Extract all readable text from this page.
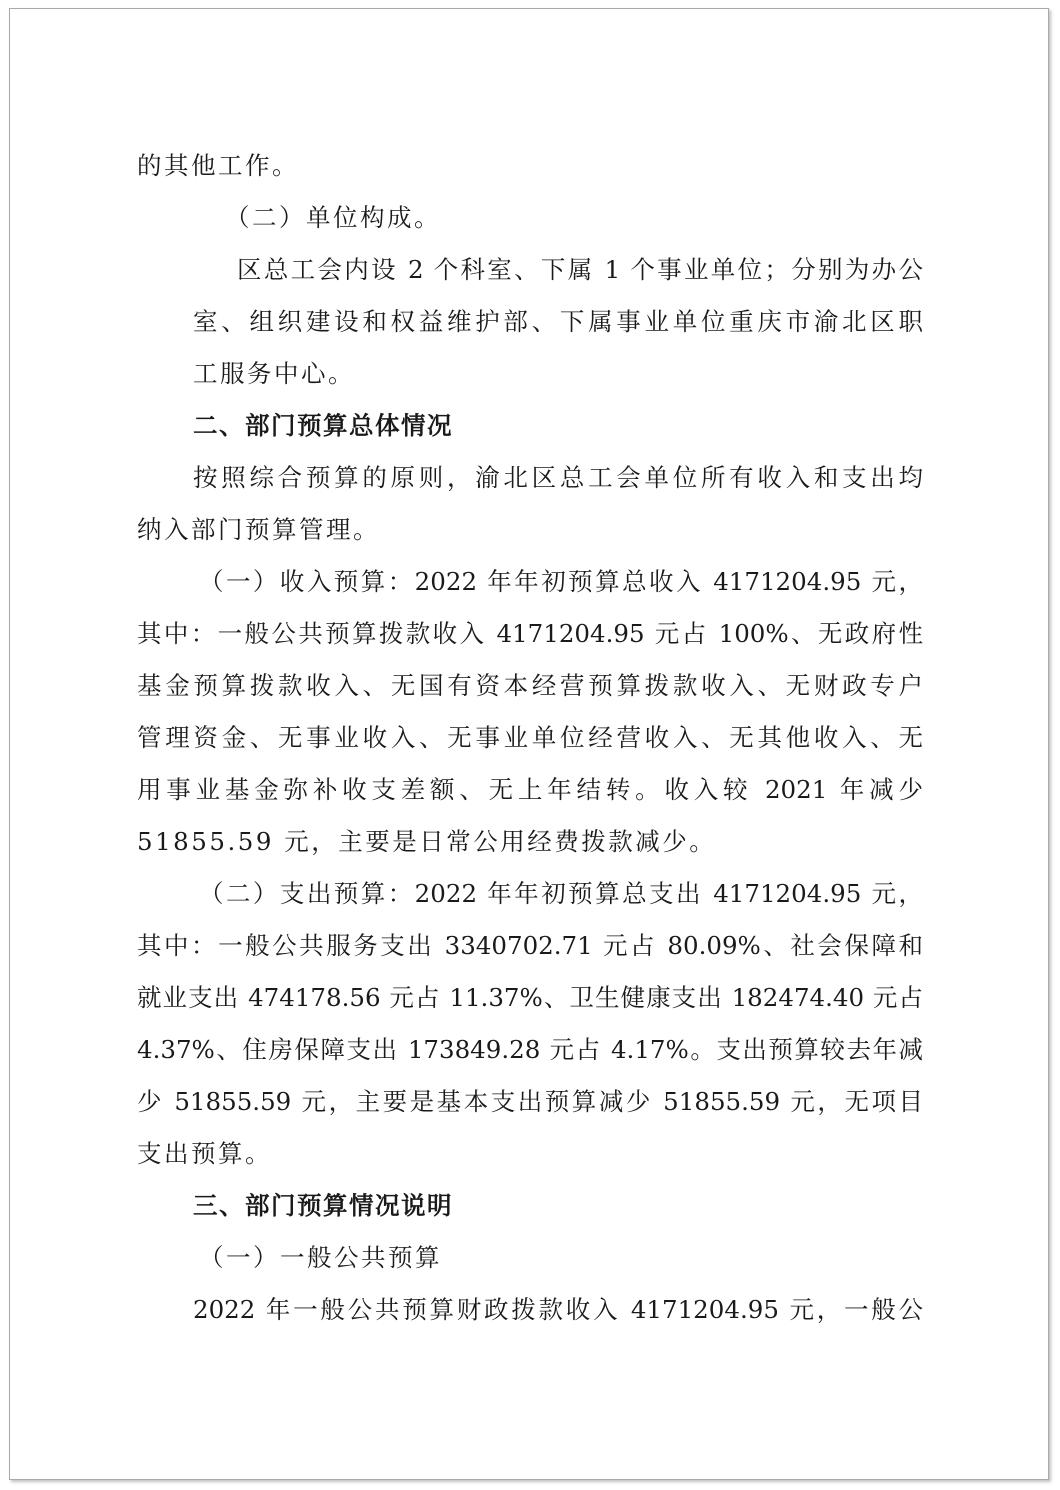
的其他工作。
（二）单位构成。
区总工会内设 2 个科室、下属 1 个事业单位；分别为办公
室、组织建设和权益维护部、下属事业单位重庆市渝北区职
工服务中心。
二、部门预算总体情况
按照综合预算的原则，渝北区总工会单位所有收入和支出均
纳入部门预算管理。
（一）收入预算：2022 年年初预算总收入 4171204.95 元，
其中：一般公共预算拨款收入 4171204.95 元占 100%、无政府性
基金预算拨款收入、无国有资本经营预算拨款收入、无财政专户
管理资金、无事业收入、无事业单位经营收入、无其他收入、无
用事业基金弥补收支差额、无上年结转。收入较 2021 年减少
51855.59 元，主要是日常公用经费拨款减少。
（二）支出预算：2022 年年初预算总支出 4171204.95 元，
其中：一般公共服务支出 3340702.71 元占 80.09%、社会保障和
就业支出 474178.56 元占 11.37%、卫生健康支出 182474.40 元占
4.37%、住房保障支出 173849.28 元占 4.17%。支出预算较去年减
少 51855.59 元，主要是基本支出预算减少 51855.59 元，无项目
支出预算。
三、部门预算情况说明
（一）一般公共预算
2022 年一般公共预算财政拨款收入 4171204.95 元，一般公
